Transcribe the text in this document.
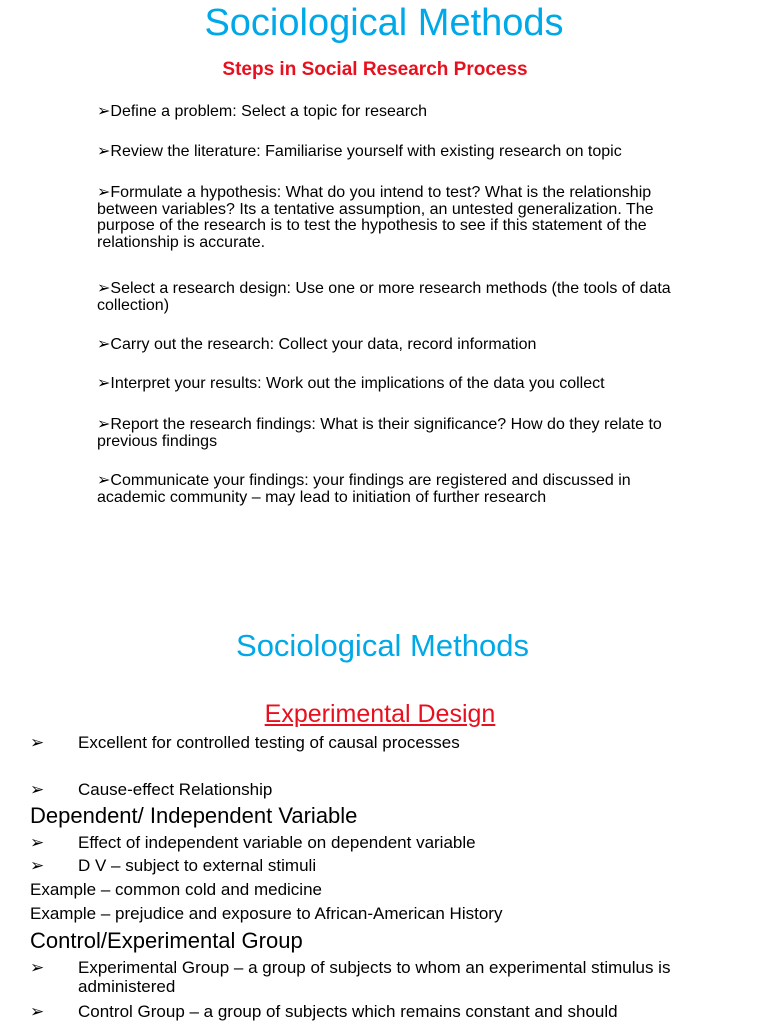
Sociological Methods
Steps in Social Research Process

➢Define a problem: Select a topic for research

➢Review the literature: Familiarise yourself with existing research on topic

➢Formulate a hypothesis: What do you intend to test? What is the relationship between variables? Its a tentative assumption, an untested generalization. The purpose of the research is to test the hypothesis to see if this statement of the relationship is accurate.

➢Select a research design: Use one or more research methods (the tools of data collection)

➢Carry out the research: Collect your data, record information

➢Interpret your results: Work out the implications of the data you collect

➢Report the research findings: What is their significance? How do they relate to previous findings

➢Communicate your findings: your findings are registered and discussed in academic community – may lead to initiation of further research

Sociological Methods
Experimental Design
➢ Excellent for controlled testing of causal processes
➢ Cause-effect Relationship
Dependent/ Independent Variable
➢ Effect of independent variable on dependent variable
➢ D V – subject to external stimuli
Example – common cold and medicine
Example – prejudice and exposure to African-American History
Control/Experimental Group
➢ Experimental Group – a group of subjects to whom an experimental stimulus is administered
➢ Control Group – a group of subjects which remains constant and should
